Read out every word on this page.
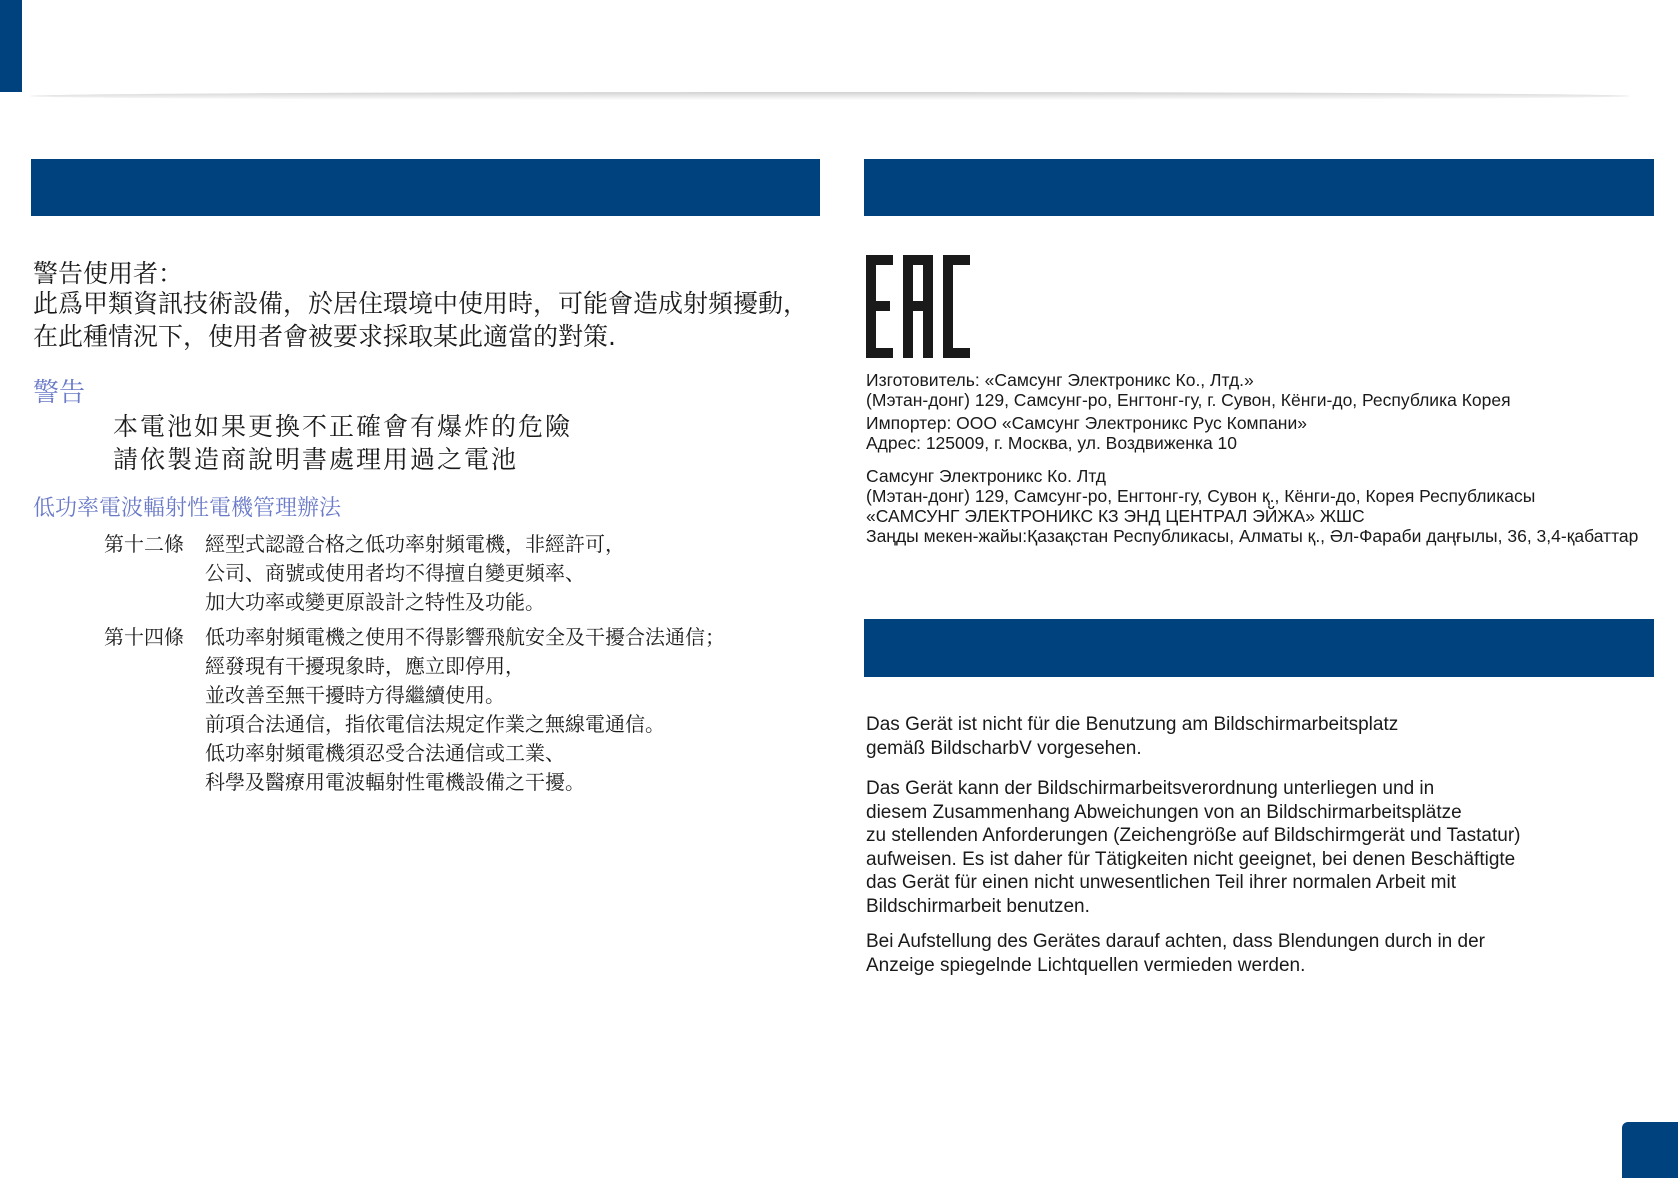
警告使用者：
此爲甲類資訊技術設備，於居住環境中使用時，可能會造成射頻擾動，
在此種情況下，使用者會被要求採取某此適當的對策.
警告
本電池如果更換不正確會有爆炸的危險
請依製造商說明書處理用過之電池
低功率電波輻射性電機管理辦法
第十二條 經型式認證合格之低功率射頻電機，非經許可，
公司、商號或使用者均不得擅自變更頻率、
加大功率或變更原設計之特性及功能。
第十四條 低功率射頻電機之使用不得影響飛航安全及干擾合法通信；
經發現有干擾現象時，應立即停用，
並改善至無干擾時方得繼續使用。
前項合法通信，指依電信法規定作業之無線電通信。
低功率射頻電機須忍受合法通信或工業、
科學及醫療用電波輻射性電機設備之干擾。
Изготовитель: «Самсунг Электроникс Ко., Лтд.»
(Мэтан-донг) 129, Самсунг-ро, Енгтонг-гу, г. Сувон, Кёнги-до, Республика Корея
Импортер: ООО «Самсунг Электроникс Рус Компани»
Адрес: 125009, г. Москва, ул. Воздвиженка 10
Самсунг Электроникс Ко. Лтд
(Мэтан-донг) 129, Самсунг-ро, Енгтонг-гу, Сувон қ., Кёнги-до, Корея Республикасы
«САМСУНГ ЭЛЕКТРОНИКС КЗ ЭНД ЦЕНТРАЛ ЭЙЖА» ЖШС
Заңды мекен-жайы:Қазақстан Республикасы, Алматы қ., Әл-Фараби даңғылы, 36, 3,4-қабаттар
Das Gerät ist nicht für die Benutzung am Bildschirmarbeitsplatz
gemäß BildscharbV vorgesehen.
Das Gerät kann der Bildschirmarbeitsverordnung unterliegen und in
diesem Zusammenhang Abweichungen von an Bildschirmarbeitsplätze
zu stellenden Anforderungen (Zeichengröße auf Bildschirmgerät und Tastatur)
aufweisen. Es ist daher für Tätigkeiten nicht geeignet, bei denen Beschäftigte
das Gerät für einen nicht unwesentlichen Teil ihrer normalen Arbeit mit
Bildschirmarbeit benutzen.
Bei Aufstellung des Gerätes darauf achten, dass Blendungen durch in der
Anzeige spiegelnde Lichtquellen vermieden werden.
